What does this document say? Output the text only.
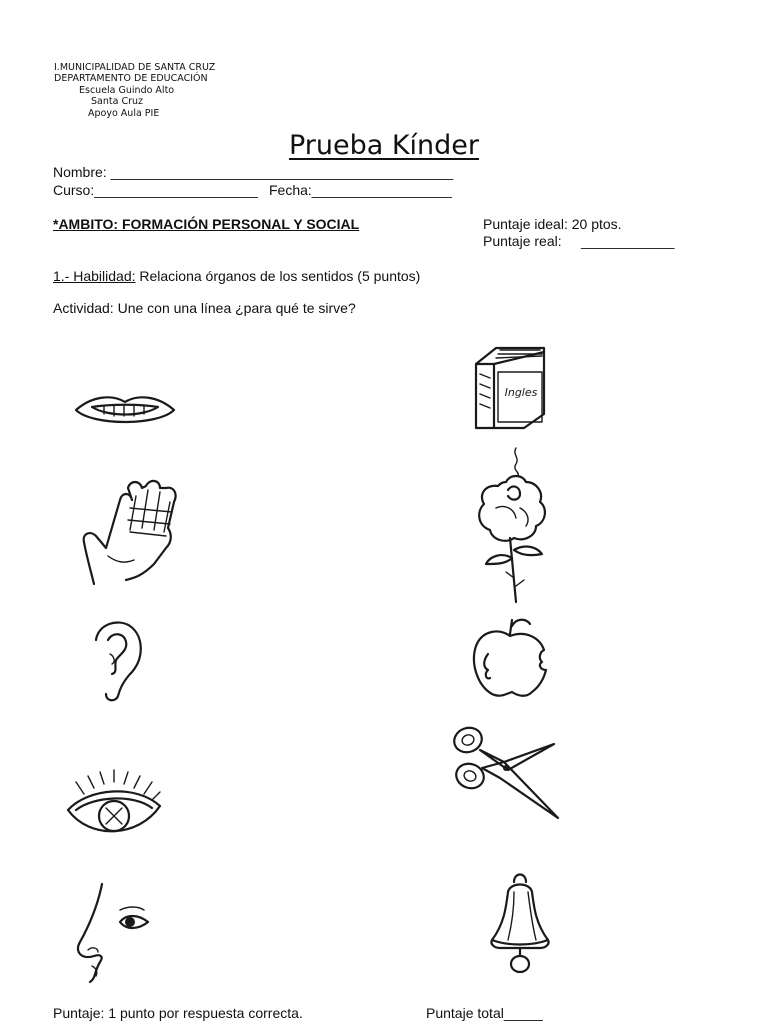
I.MUNICIPALIDAD DE SANTA CRUZ
DEPARTAMENTO DE EDUCACIÓN
Escuela Guindo Alto
Santa Cruz
Apoyo Aula PIE
Prueba Kínder
Nombre: ____________________________________________
Curso:_____________________ Fecha:__________________
*AMBITO: FORMACIÓN PERSONAL Y SOCIAL	Puntaje ideal: 20 ptos.
Puntaje real: ____________
1.- Habilidad: Relaciona órganos de los sentidos (5 puntos)
Actividad: Une con una línea ¿para qué te sirve?
Ingles
Puntaje: 1 punto por respuesta correcta.	Puntaje total_____
